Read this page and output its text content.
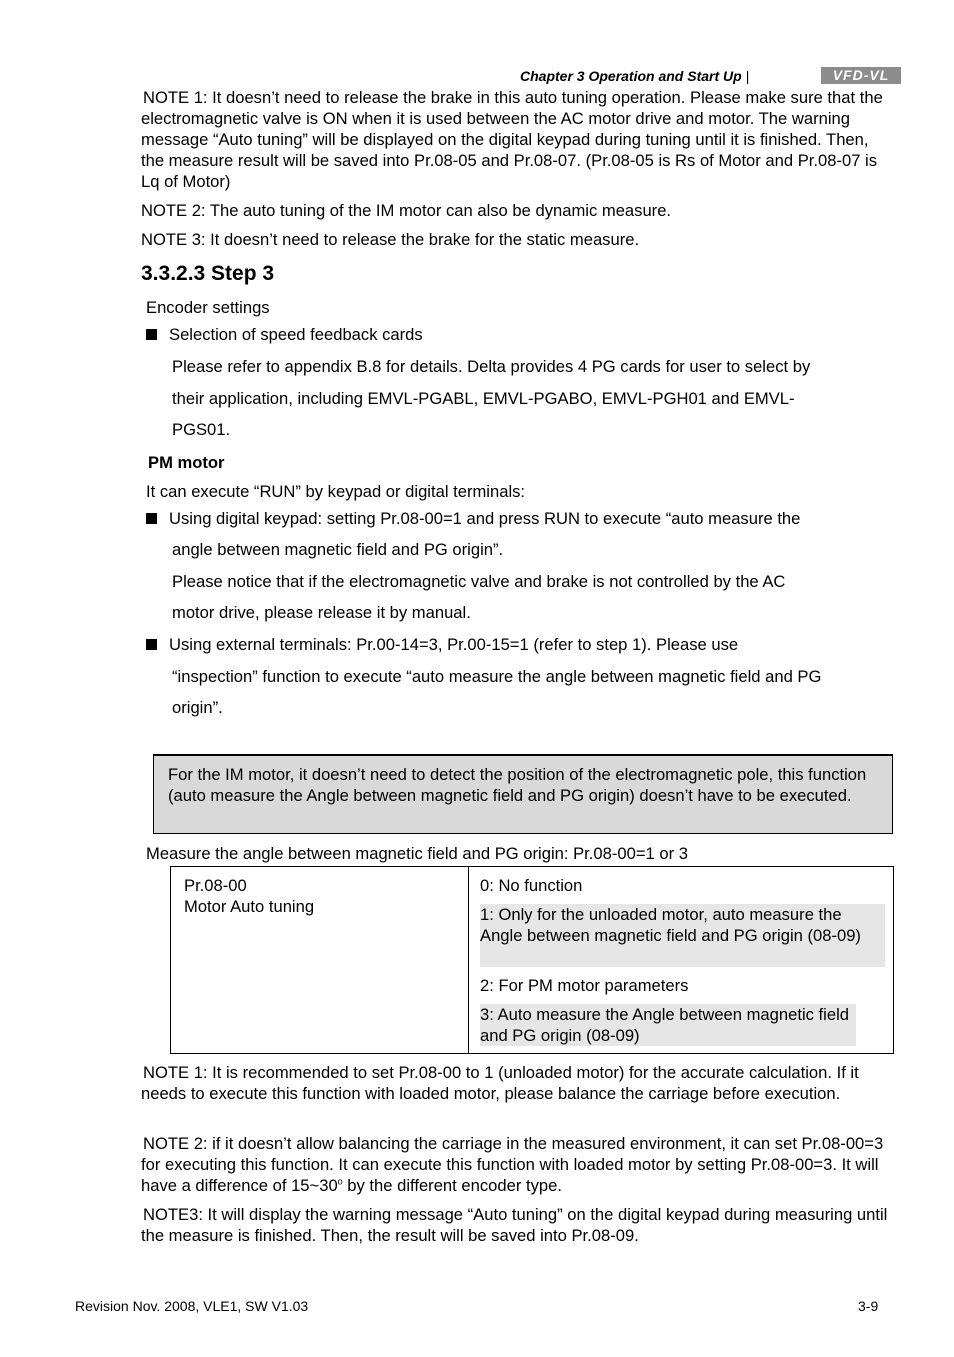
Chapter 3 Operation and Start Up |	VFD-VL

NOTE 1: It doesn’t need to release the brake in this auto tuning operation. Please make sure that the electromagnetic valve is ON when it is used between the AC motor drive and motor. The warning message “Auto tuning” will be displayed on the digital keypad during tuning until it is finished. Then, the measure result will be saved into Pr.08-05 and Pr.08-07. (Pr.08-05 is Rs of Motor and Pr.08-07 is Lq of Motor)

NOTE 2: The auto tuning of the IM motor can also be dynamic measure.

NOTE 3: It doesn’t need to release the brake for the static measure.

3.3.2.3 Step 3

Encoder settings

Selection of speed feedback cards

Please refer to appendix B.8 for details. Delta provides 4 PG cards for user to select by

their application, including EMVL-PGABL, EMVL-PGABO, EMVL-PGH01 and EMVL-

PGS01.

PM motor

It can execute “RUN” by keypad or digital terminals:

Using digital keypad: setting Pr.08-00=1 and press RUN to execute “auto measure the

angle between magnetic field and PG origin”.

Please notice that if the electromagnetic valve and brake is not controlled by the AC

motor drive, please release it by manual.

Using external terminals: Pr.00-14=3, Pr.00-15=1 (refer to step 1). Please use

“inspection” function to execute “auto measure the angle between magnetic field and PG

origin”.

For the IM motor, it doesn’t need to detect the position of the electromagnetic pole, this function (auto measure the Angle between magnetic field and PG origin) doesn’t have to be executed.

Measure the angle between magnetic field and PG origin: Pr.08-00=1 or 3

Pr.08-00

Motor Auto tuning

0: No function
1: Only for the unloaded motor, auto measure the Angle between magnetic field and PG origin (08-09)
2: For PM motor parameters
3: Auto measure the Angle between magnetic field and PG origin (08-09)

NOTE 1: It is recommended to set Pr.08-00 to 1 (unloaded motor) for the accurate calculation. If it needs to execute this function with loaded motor, please balance the carriage before execution.

NOTE 2: if it doesn’t allow balancing the carriage in the measured environment, it can set Pr.08-00=3 for executing this function. It can execute this function with loaded motor by setting Pr.08-00=3. It will have a difference of 15~30$^o$ by the different encoder type.

NOTE3: It will display the warning message “Auto tuning” on the digital keypad during measuring until the measure is finished. Then, the result will be saved into Pr.08-09.

Revision Nov. 2008, VLE1, SW V1.03	3-9
